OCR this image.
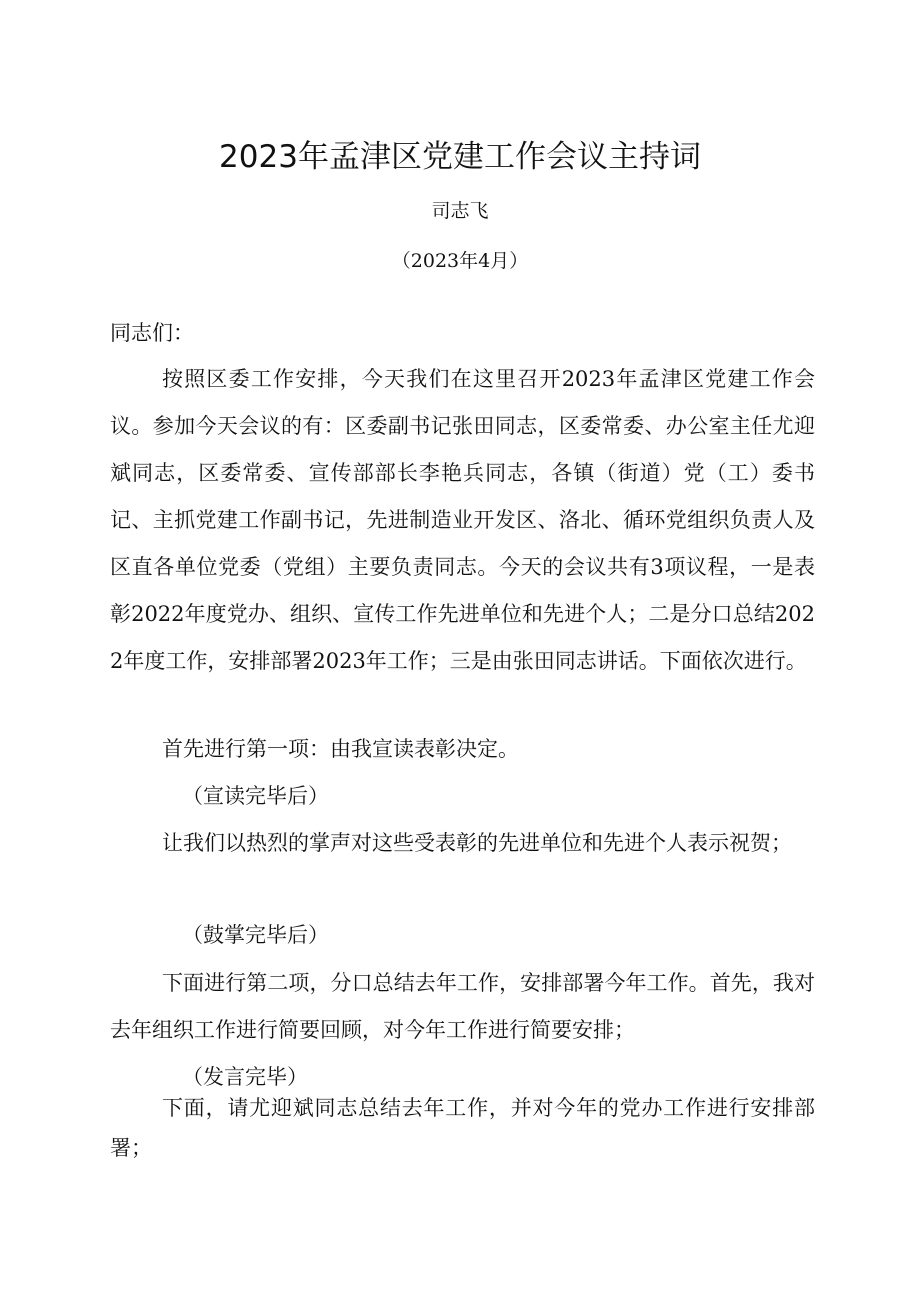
2023年孟津区党建工作会议主持词
司志飞
（2023年4月）

同志们：

按照区委工作安排，今天我们在这里召开2023年孟津区党建工作会议。参加今天会议的有：区委副书记张田同志，区委常委、办公室主任尤迎斌同志，区委常委、宣传部部长李艳兵同志，各镇（街道）党（工）委书记、主抓党建工作副书记，先进制造业开发区、洛北、循环党组织负责人及区直各单位党委（党组）主要负责同志。今天的会议共有3项议程，一是表彰2022年度党办、组织、宣传工作先进单位和先进个人；二是分口总结2022年度工作，安排部署2023年工作；三是由张田同志讲话。下面依次进行。

首先进行第一项：由我宣读表彰决定。

（宣读完毕后）

让我们以热烈的掌声对这些受表彰的先进单位和先进个人表示祝贺；

（鼓掌完毕后）

下面进行第二项，分口总结去年工作，安排部署今年工作。首先，我对去年组织工作进行简要回顾，对今年工作进行简要安排；

（发言完毕）

下面，请尤迎斌同志总结去年工作，并对今年的党办工作进行安排部署；
